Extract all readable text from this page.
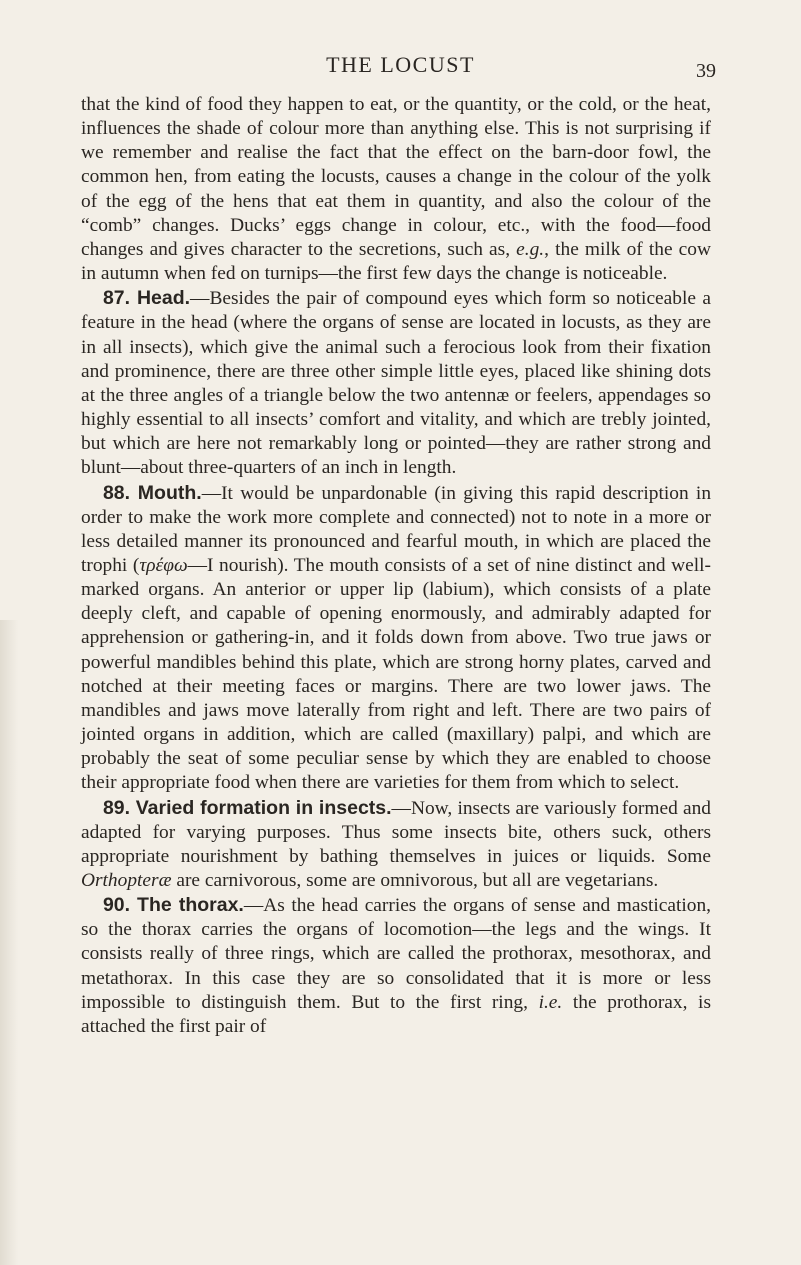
THE LOCUST	39

that the kind of food they happen to eat, or the quantity, or the cold, or the heat, influences the shade of colour more than anything else. This is not surprising if we remember and realise the fact that the effect on the barn-door fowl, the common hen, from eating the locusts, causes a change in the colour of the yolk of the egg of the hens that eat them in quantity, and also the colour of the “comb” changes. Ducks’ eggs change in colour, etc., with the food—food changes and gives character to the secretions, such as, e.g., the milk of the cow in autumn when fed on turnips—the first few days the change is noticeable.

87. Head.—Besides the pair of compound eyes which form so noticeable a feature in the head (where the organs of sense are located in locusts, as they are in all insects), which give the animal such a ferocious look from their fixation and prominence, there are three other simple little eyes, placed like shining dots at the three angles of a triangle below the two antennæ or feelers, appendages so highly essential to all insects’ comfort and vitality, and which are trebly jointed, but which are here not remarkably long or pointed—they are rather strong and blunt—about three-quarters of an inch in length.

88. Mouth.—It would be unpardonable (in giving this rapid description in order to make the work more complete and connected) not to note in a more or less detailed manner its pronounced and fearful mouth, in which are placed the trophi (τρέφω—I nourish). The mouth consists of a set of nine distinct and well-marked organs. An anterior or upper lip (labium), which consists of a plate deeply cleft, and capable of opening enormously, and admirably adapted for apprehension or gathering-in, and it folds down from above. Two true jaws or powerful mandibles behind this plate, which are strong horny plates, carved and notched at their meeting faces or margins. There are two lower jaws. The mandibles and jaws move laterally from right and left. There are two pairs of jointed organs in addition, which are called (maxillary) palpi, and which are probably the seat of some peculiar sense by which they are enabled to choose their appropriate food when there are varieties for them from which to select.

89. Varied formation in insects.—Now, insects are variously formed and adapted for varying purposes. Thus some insects bite, others suck, others appropriate nourishment by bathing themselves in juices or liquids. Some Orthopteræ are carnivorous, some are omnivorous, but all are vegetarians.

90. The thorax.—As the head carries the organs of sense and mastication, so the thorax carries the organs of locomotion—the legs and the wings. It consists really of three rings, which are called the prothorax, mesothorax, and metathorax. In this case they are so consolidated that it is more or less impossible to distinguish them. But to the first ring, i.e. the prothorax, is attached the first pair of
